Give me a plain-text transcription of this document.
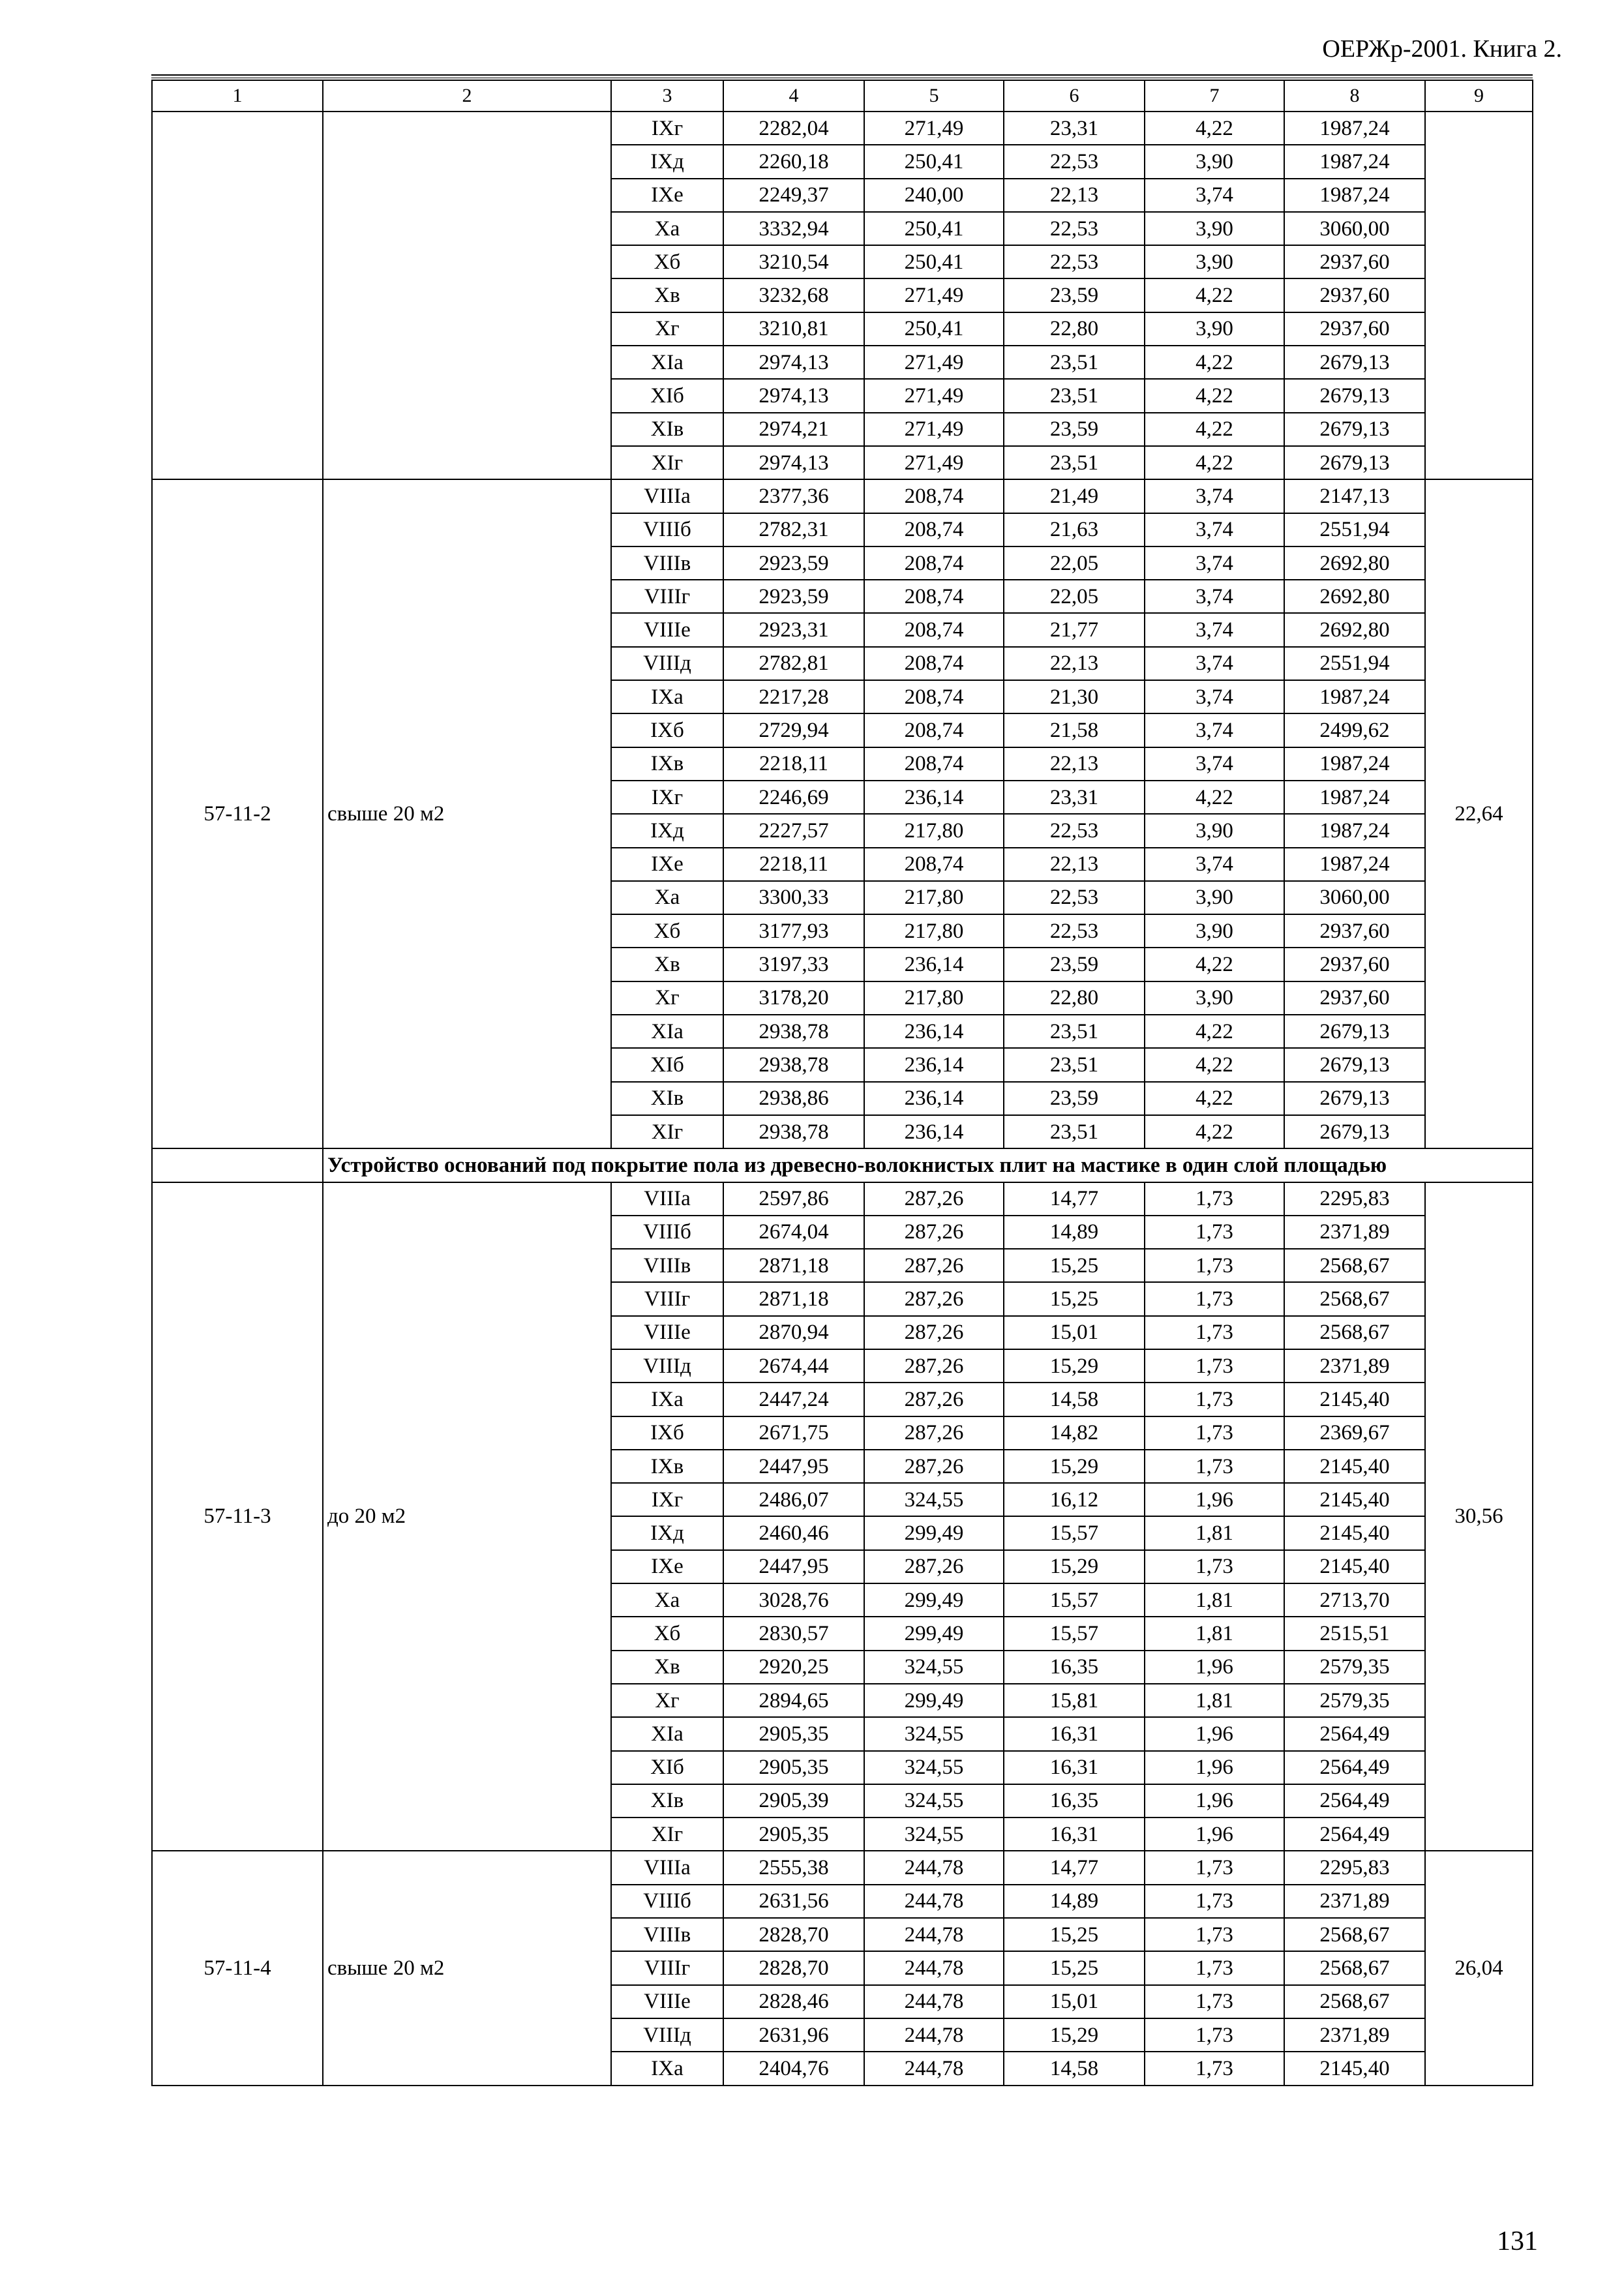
ОЕРЖр-2001. Книга 2.
1	2	3	4	5	6	7	8	9
		IXг	2282,04	271,49	23,31	4,22	1987,24	
		IXд	2260,18	250,41	22,53	3,90	1987,24	
		IXе	2249,37	240,00	22,13	3,74	1987,24	
		Xа	3332,94	250,41	22,53	3,90	3060,00	
		Xб	3210,54	250,41	22,53	3,90	2937,60	
		Xв	3232,68	271,49	23,59	4,22	2937,60	
		Xг	3210,81	250,41	22,80	3,90	2937,60	
		XIа	2974,13	271,49	23,51	4,22	2679,13	
		XIб	2974,13	271,49	23,51	4,22	2679,13	
		XIв	2974,21	271,49	23,59	4,22	2679,13	
		XIг	2974,13	271,49	23,51	4,22	2679,13	
57-11-2	свыше 20 м2	VIIIа	2377,36	208,74	21,49	3,74	2147,13	22,64
		VIIIб	2782,31	208,74	21,63	3,74	2551,94	
		VIIIв	2923,59	208,74	22,05	3,74	2692,80	
		VIIIг	2923,59	208,74	22,05	3,74	2692,80	
		VIIIе	2923,31	208,74	21,77	3,74	2692,80	
		VIIIд	2782,81	208,74	22,13	3,74	2551,94	
		IXа	2217,28	208,74	21,30	3,74	1987,24	
		IXб	2729,94	208,74	21,58	3,74	2499,62	
		IXв	2218,11	208,74	22,13	3,74	1987,24	
		IXг	2246,69	236,14	23,31	4,22	1987,24	
		IXд	2227,57	217,80	22,53	3,90	1987,24	
		IXе	2218,11	208,74	22,13	3,74	1987,24	
		Xа	3300,33	217,80	22,53	3,90	3060,00	
		Xб	3177,93	217,80	22,53	3,90	2937,60	
		Xв	3197,33	236,14	23,59	4,22	2937,60	
		Xг	3178,20	217,80	22,80	3,90	2937,60	
		XIа	2938,78	236,14	23,51	4,22	2679,13	
		XIб	2938,78	236,14	23,51	4,22	2679,13	
		XIв	2938,86	236,14	23,59	4,22	2679,13	
		XIг	2938,78	236,14	23,51	4,22	2679,13	
	Устройство оснований под покрытие пола из древесно-волокнистых плит на мастике в один слой площадью							
57-11-3	до 20 м2	VIIIа	2597,86	287,26	14,77	1,73	2295,83	30,56
		VIIIб	2674,04	287,26	14,89	1,73	2371,89	
		VIIIв	2871,18	287,26	15,25	1,73	2568,67	
		VIIIг	2871,18	287,26	15,25	1,73	2568,67	
		VIIIе	2870,94	287,26	15,01	1,73	2568,67	
		VIIIд	2674,44	287,26	15,29	1,73	2371,89	
		IXа	2447,24	287,26	14,58	1,73	2145,40	
		IXб	2671,75	287,26	14,82	1,73	2369,67	
		IXв	2447,95	287,26	15,29	1,73	2145,40	
		IXг	2486,07	324,55	16,12	1,96	2145,40	
		IXд	2460,46	299,49	15,57	1,81	2145,40	
		IXе	2447,95	287,26	15,29	1,73	2145,40	
		Xа	3028,76	299,49	15,57	1,81	2713,70	
		Xб	2830,57	299,49	15,57	1,81	2515,51	
		Xв	2920,25	324,55	16,35	1,96	2579,35	
		Xг	2894,65	299,49	15,81	1,81	2579,35	
		XIа	2905,35	324,55	16,31	1,96	2564,49	
		XIб	2905,35	324,55	16,31	1,96	2564,49	
		XIв	2905,39	324,55	16,35	1,96	2564,49	
		XIг	2905,35	324,55	16,31	1,96	2564,49	
57-11-4	свыше 20 м2	VIIIа	2555,38	244,78	14,77	1,73	2295,83	26,04
		VIIIб	2631,56	244,78	14,89	1,73	2371,89	
		VIIIв	2828,70	244,78	15,25	1,73	2568,67	
		VIIIг	2828,70	244,78	15,25	1,73	2568,67	
		VIIIе	2828,46	244,78	15,01	1,73	2568,67	
		VIIIд	2631,96	244,78	15,29	1,73	2371,89	
		IXа	2404,76	244,78	14,58	1,73	2145,40	
131
